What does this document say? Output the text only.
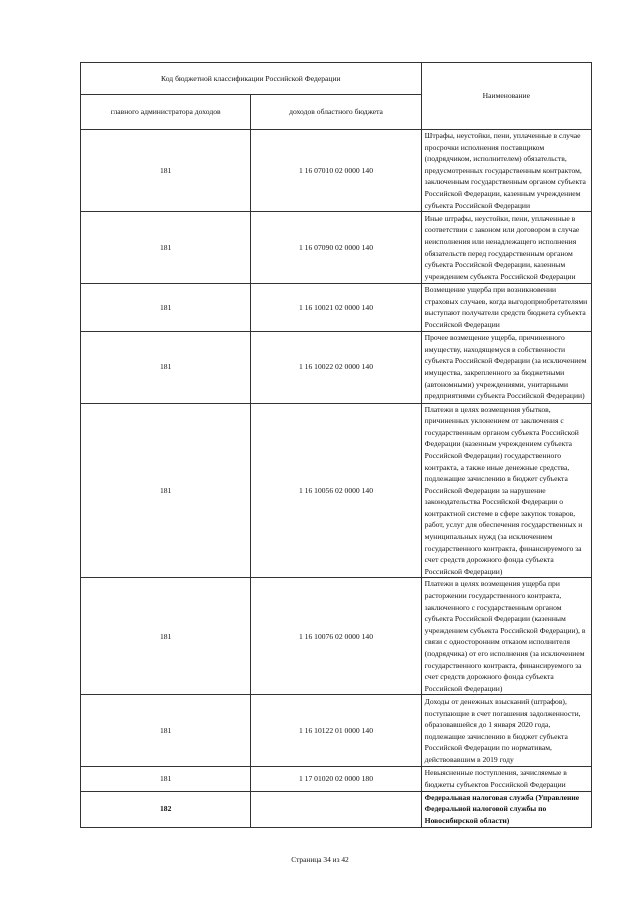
Код бюджетной классификации Российской Федерации		Наименование
главного администратора доходов	доходов областного бюджета	
181	1 16 07010 02 0000 140	Штрафы, неустойки, пени, уплаченные в случае просрочки исполнения поставщиком (подрядчиком, исполнителем) обязательств, предусмотренных государственным контрактом, заключенным государственным органом субъекта Российской Федерации, казенным учреждением субъекта Российской Федерации
181	1 16 07090 02 0000 140	Иные штрафы, неустойки, пени, уплаченные в соответствии с законом или договором в случае неисполнения или ненадлежащего исполнения обязательств перед государственным органом субъекта Российской Федерации, казенным учреждением субъекта Российской Федерации
181	1 16 10021 02 0000 140	Возмещение ущерба при возникновении страховых случаев, когда выгодоприобретателями выступают получатели средств бюджета субъекта Российской Федерации
181	1 16 10022 02 0000 140	Прочее возмещение ущерба, причиненного имуществу, находящемуся в собственности субъекта Российской Федерации (за исключением имущества, закрепленного за бюджетными (автономными) учреждениями, унитарными предприятиями субъекта Российской Федерации)
181	1 16 10056 02 0000 140	Платежи в целях возмещения убытков, причиненных уклонением от заключения с государственным органом субъекта Российской Федерации (казенным учреждением субъекта Российской Федерации) государственного контракта, а также иные денежные средства, подлежащие зачислению в бюджет субъекта Российской Федерации за нарушение законодательства Российской Федерации о контрактной системе в сфере закупок товаров, работ, услуг для обеспечения государственных и муниципальных нужд (за исключением государственного контракта, финансируемого за счет средств дорожного фонда субъекта Российской Федерации)
181	1 16 10076 02 0000 140	Платежи в целях возмещения ущерба при расторжении государственного контракта, заключенного с государственным органом субъекта Российской Федерации (казенным учреждением субъекта Российской Федерации), в связи с односторонним отказом исполнителя (подрядчика) от его исполнения (за исключением государственного контракта, финансируемого за счет средств дорожного фонда субъекта Российской Федерации)
181	1 16 10122 01 0000 140	Доходы от денежных взысканий (штрафов), поступающие в счет погашения задолженности, образовавшейся до 1 января 2020 года, подлежащие зачислению в бюджет субъекта Российской Федерации по нормативам, действовавшим в 2019 году
181	1 17 01020 02 0000 180	Невыясненные поступления, зачисляемые в бюджеты субъектов Российской Федерации
182		Федеральная налоговая служба (Управление Федеральной налоговой службы по Новосибирской области)
Страница 34 из 42
